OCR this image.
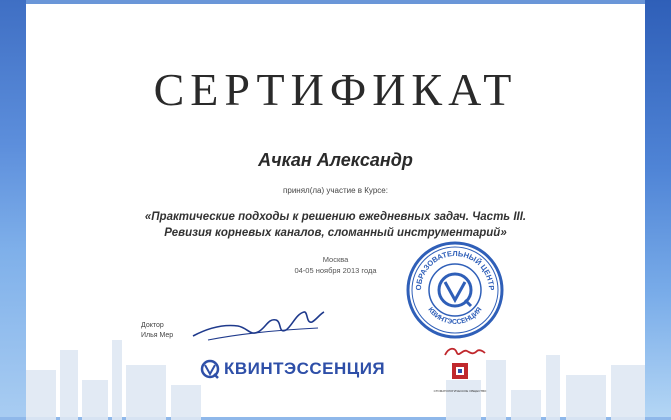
СЕРТИФИКАТ
Ачкан Александр
принял(ла) участие в Курсе:
«Практические подходы к решению ежедневных задач. Часть III.
Ревизия корневых каналов, сломанный инструментарий»
Москва
04-05 ноября 2013 года
Доктор
Илья Мер
ОБРАЗОВАТЕЛЬНЫЙ ЦЕНТР
КВИНТЭССЕНЦИЯ
КВИНТЭССЕНЦИЯ
СТОМАТОЛОГИЧЕСКОЕ ОБЩЕСТВО
